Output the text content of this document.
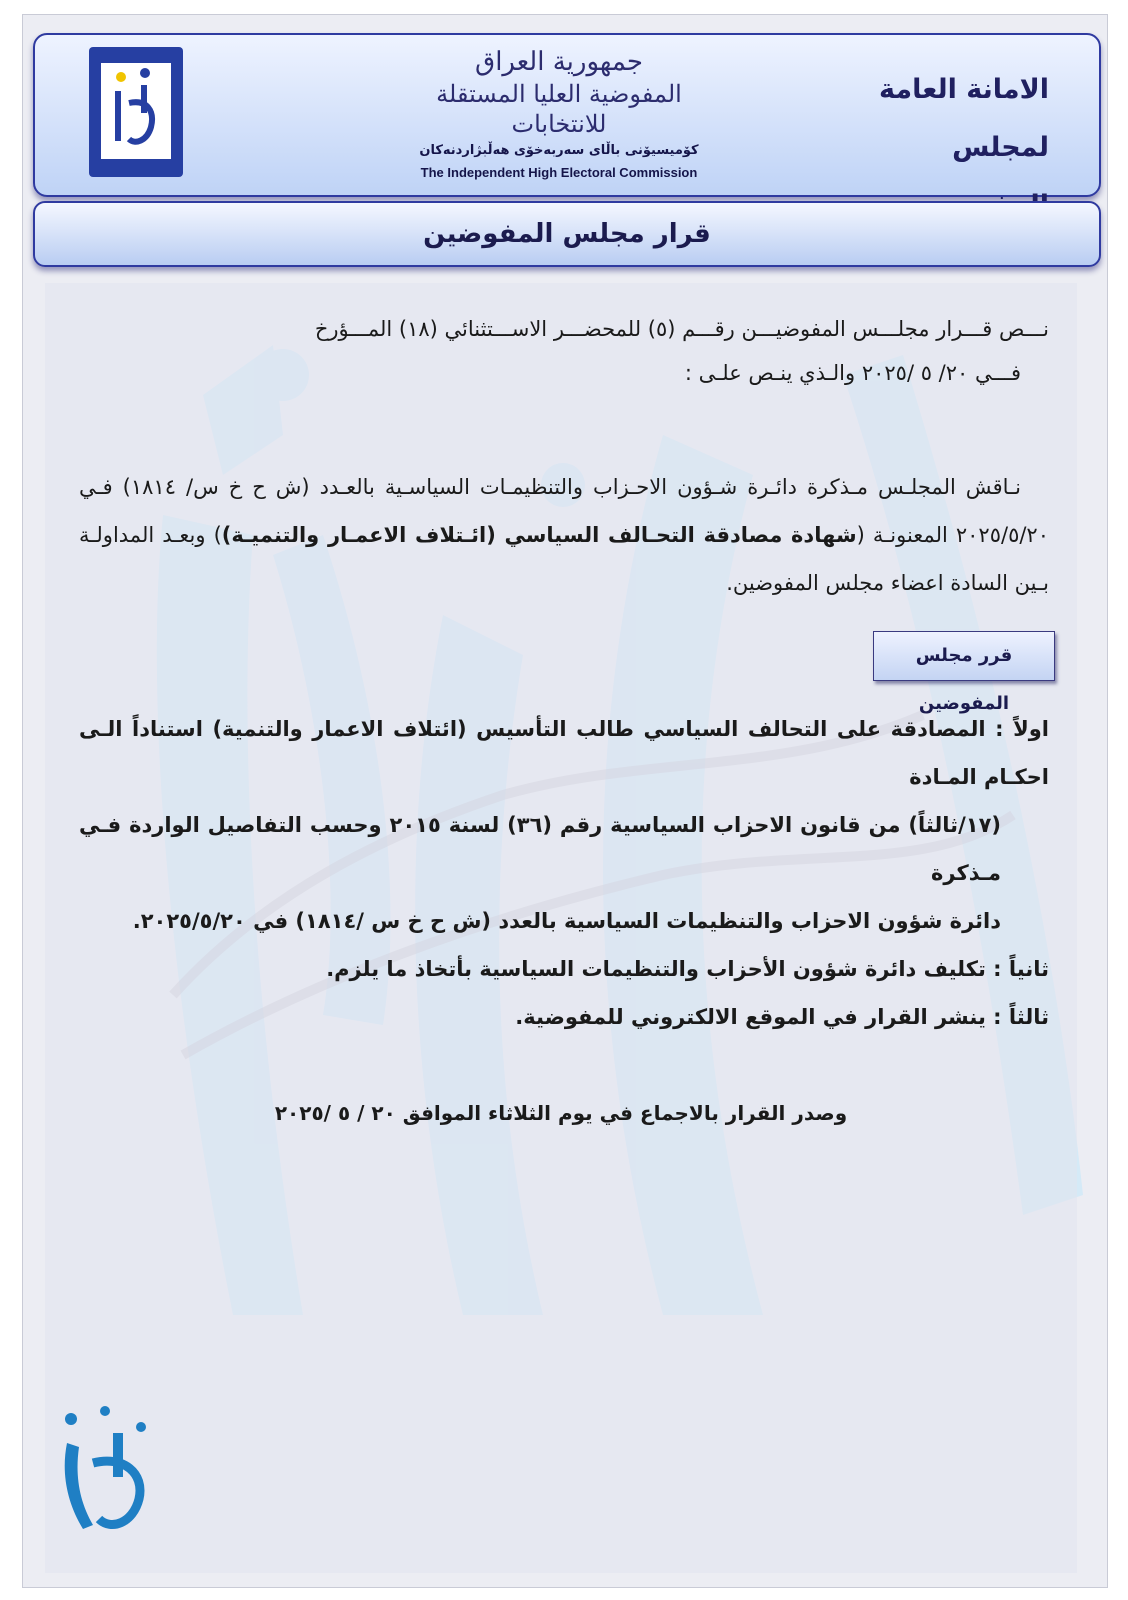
جمهورية العراق
المفوضية العليا المستقلة للانتخابات
كۆمیسیۆنی باڵای سەربەخۆی هەڵبژاردنەکان
The Independent High Electoral Commission
الامانة العامة
لمجلس
قرار مجلس المفوضين
نـــص قـــرار مجلـــس المفوضيـــن رقـــم (٥) للمحضـــر الاســـتثنائي (١٨) المـــؤرخ
فـــي ٢٠/ ٥ /٢٠٢٥ والـذي ينـص علـى :
نـاقش المجلـس مـذكرة دائـرة شـؤون الاحـزاب والتنظيمـات السياسـية بالعـدد (ش ح خ س/ ١٨١٤) فـي ٢٠٢٥/٥/٢٠ المعنونـة (شهادة مصادقة التحـالف السياسي (ائـتلاف الاعمـار والتنميـة)) وبعـد المداولـة بـين السادة اعضاء مجلس المفوضين.
قرر مجلس المفوضين
اولاً : المصادقة على التحالف السياسي طالب التأسيس (ائتلاف الاعمار والتنمية) استناداً الـى احكـام المـادة
(١٧/ثالثاً) من قانون الاحزاب السياسية رقم (٣٦) لسنة ٢٠١٥ وحسب التفاصيل الواردة فـي مـذكرة
دائرة شؤون الاحزاب والتنظيمات السياسية بالعدد (ش ح خ س /١٨١٤) في ٢٠٢٥/٥/٢٠.
ثانياً : تكليف دائرة شؤون الأحزاب والتنظيمات السياسية بأتخاذ ما يلزم.
ثالثاً : ينشر القرار في الموقع الالكتروني للمفوضية.
وصدر القرار بالاجماع في يوم الثلاثاء الموافق ٢٠ / ٥ /٢٠٢٥
